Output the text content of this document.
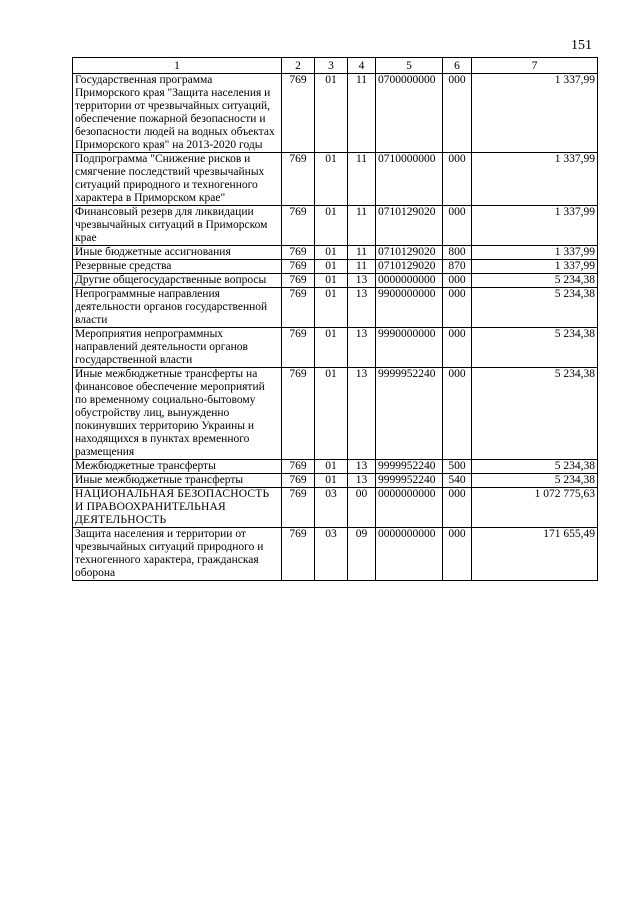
151
1	2	3	4	5	6	7
Государственная программа Приморского края "Защита населения и территории от чрезвычайных ситуаций, обеспечение пожарной безопасности и безопасности людей на водных объектах Приморского края" на 2013-2020 годы	769	01	11	0700000000	000	1 337,99
Подпрограмма "Снижение рисков и смягчение последствий чрезвычайных ситуаций природного и техногенного характера в Приморском крае"	769	01	11	0710000000	000	1 337,99
Финансовый резерв для ликвидации чрезвычайных ситуаций в Приморском крае	769	01	11	0710129020	000	1 337,99
Иные бюджетные ассигнования	769	01	11	0710129020	800	1 337,99
Резервные средства	769	01	11	0710129020	870	1 337,99
Другие общегосударственные вопросы	769	01	13	0000000000	000	5 234,38
Непрограммные направления деятельности органов государственной власти	769	01	13	9900000000	000	5 234,38
Мероприятия непрограммных направлений деятельности органов государственной власти	769	01	13	9990000000	000	5 234,38
Иные межбюджетные трансферты на финансовое обеспечение мероприятий по временному социально-бытовому обустройству лиц, вынужденно покинувших территорию Украины и находящихся в пунктах временного размещения	769	01	13	9999952240	000	5 234,38
Межбюджетные трансферты	769	01	13	9999952240	500	5 234,38
Иные межбюджетные трансферты	769	01	13	9999952240	540	5 234,38
НАЦИОНАЛЬНАЯ БЕЗОПАСНОСТЬ И ПРАВООХРАНИТЕЛЬНАЯ ДЕЯТЕЛЬНОСТЬ	769	03	00	0000000000	000	1 072 775,63
Защита населения и территории от чрезвычайных ситуаций природного и техногенного характера, гражданская оборона	769	03	09	0000000000	000	171 655,49
